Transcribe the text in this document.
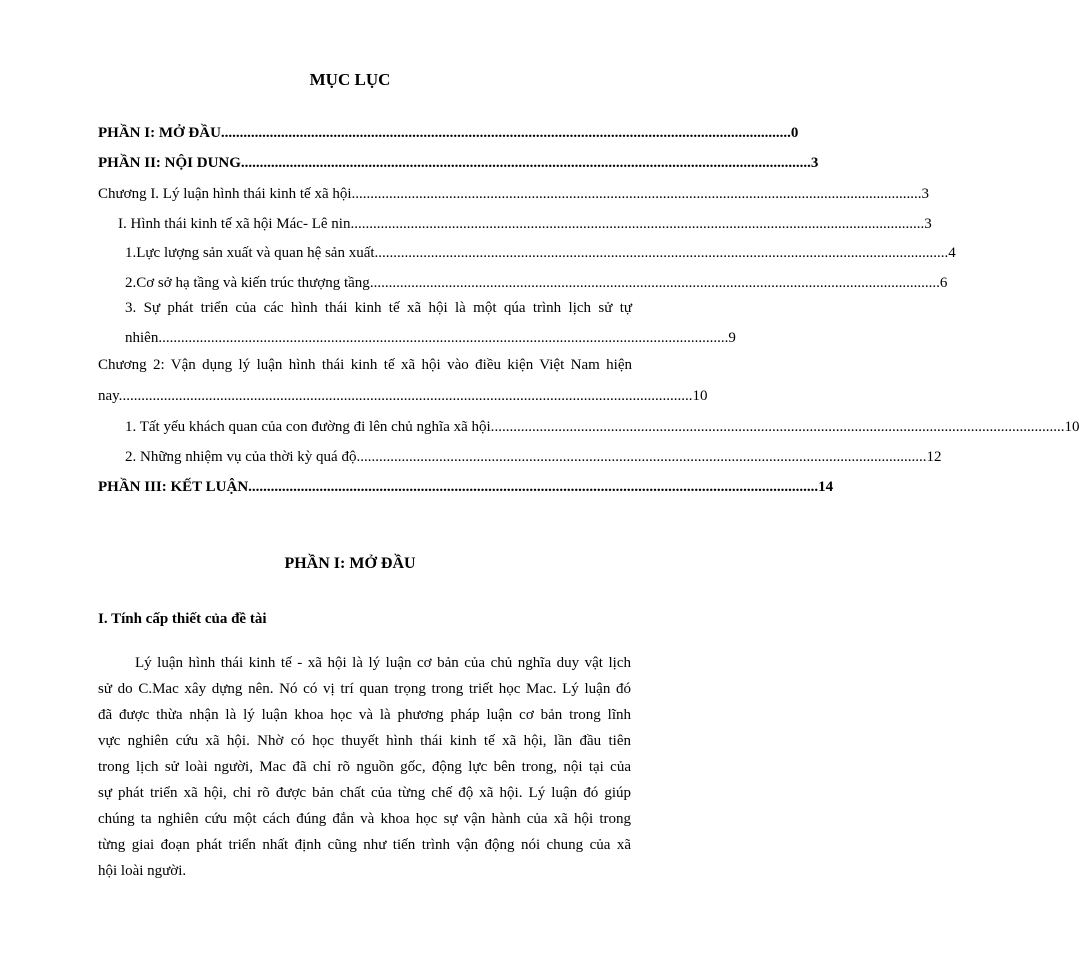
MỤC LỤC
PHẦN I: MỞ ĐẦU ........................................................................................................................................................ 0
PHẦN II: NỘI DUNG ........................................................................................................................................................ 3
Chương I. Lý luận hình thái kinh tế xã hội ........................................................................................................................................................ 3
I. Hình thái kinh tế xã hội Mác- Lê nin. ........................................................................................................................................................ 3
1.Lực lượng sản xuất và quan hệ sản xuất. ........................................................................................................................................................ 4
2.Cơ sở hạ tầng và kiến trúc thượng tầng ........................................................................................................................................................ 6
3. Sự phát triển của các hình thái kinh tế xã hội là một qúa trình lịch sử tự
nhiên ........................................................................................................................................................ 9
Chương 2: Vận dụng lý luận hình thái kinh tế xã hội vào điều kiện Việt Nam hiện
nay. ........................................................................................................................................................ 10
1. Tất yếu khách quan của con đường đi lên chủ nghĩa xã hội. ........................................................................................................................................................ 10
2. Những nhiệm vụ của thời kỳ quá độ ........................................................................................................................................................ 12
PHẦN III: KẾT LUẬN ........................................................................................................................................................ 14
PHẦN I: MỞ ĐẦU
I. Tính cấp thiết của đề tài
Lý luận hình thái kinh tế - xã hội là lý luận cơ bản của chủ nghĩa duy vật lịch
sử do C.Mac xây dựng nên. Nó có vị trí quan trọng trong triết học Mac. Lý luận đó
đã được thừa nhận là lý luận khoa học và là phương pháp luận cơ bản trong lĩnh
vực nghiên cứu xã hội. Nhờ có học thuyết hình thái kinh tế xã hội, lần đầu tiên
trong lịch sử loài người, Mac đã chỉ rõ nguồn gốc, động lực bên trong, nội tại của
sự phát triển xã hội, chỉ rõ được bản chất của từng chế độ xã hội. Lý luận đó giúp
chúng ta nghiên cứu một cách đúng đắn và khoa học sự vận hành của xã hội trong
từng giai đoạn phát triển nhất định cũng như tiến trình vận động nói chung của xã
hội loài người.
